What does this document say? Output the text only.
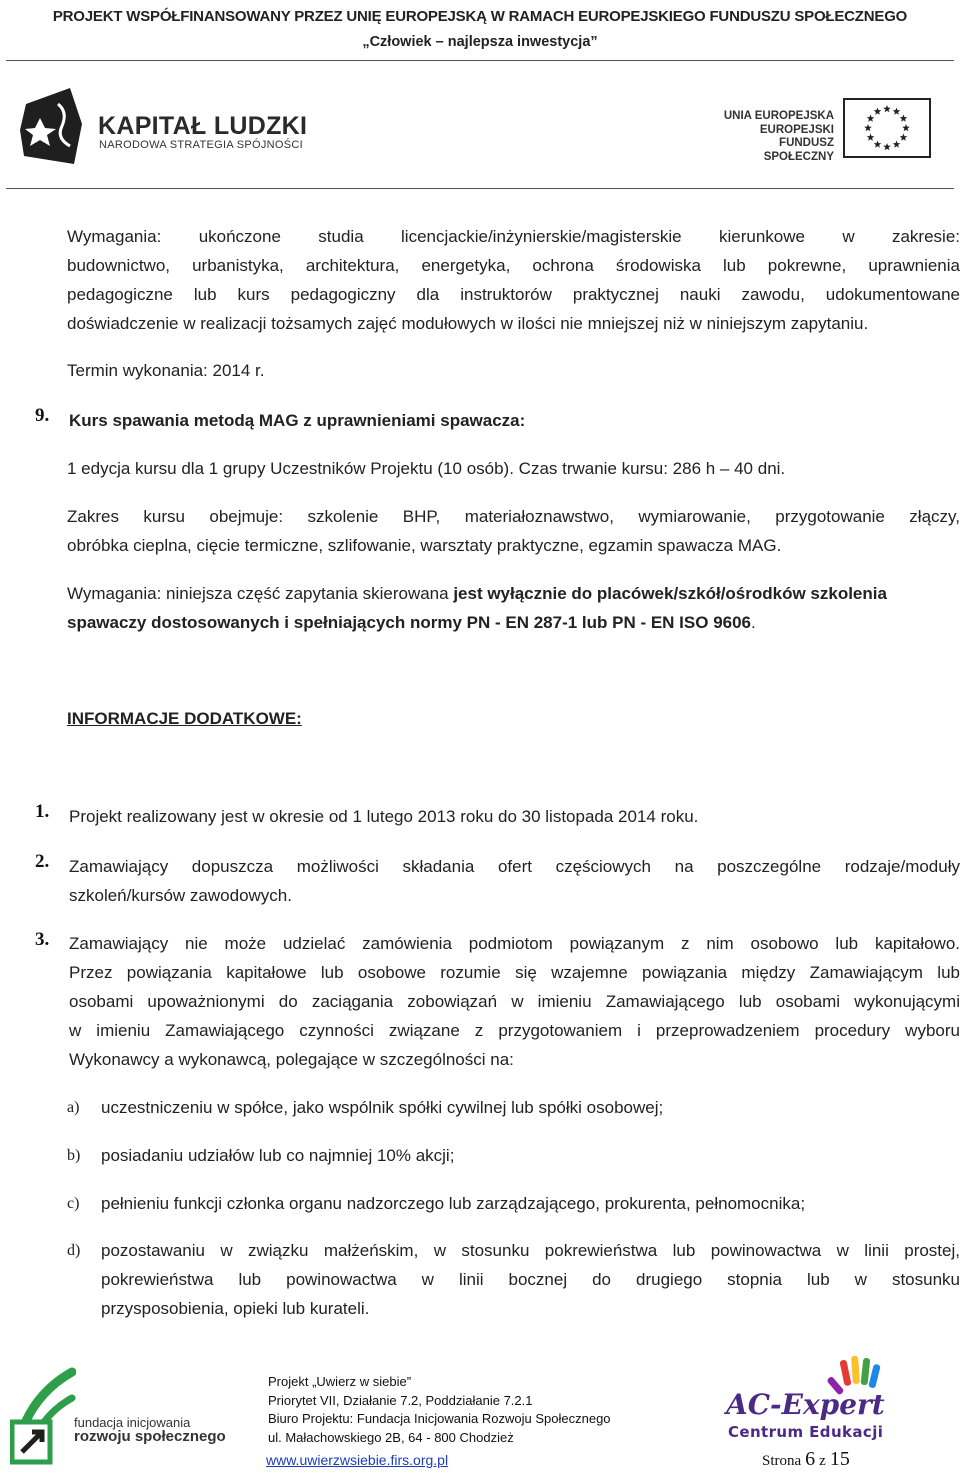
PROJEKT WSPÓŁFINANSOWANY PRZEZ UNIĘ EUROPEJSKĄ W RAMACH EUROPEJSKIEGO FUNDUSZU SPOŁECZNEGO
„Człowiek – najlepsza inwestycja”
KAPITAŁ LUDZKI
NARODOWA STRATEGIA SPÓJNOŚCI
UNIA EUROPEJSKA
EUROPEJSKI
FUNDUSZ SPOŁECZNY
Wymagania: ukończone studia licencjackie/inżynierskie/magisterskie kierunkowe w zakresie:
budownictwo, urbanistyka, architektura, energetyka, ochrona środowiska lub pokrewne, uprawnienia
pedagogiczne lub kurs pedagogiczny dla instruktorów praktycznej nauki zawodu, udokumentowane
doświadczenie w realizacji tożsamych zajęć modułowych w ilości nie mniejszej niż w niniejszym zapytaniu.
Termin wykonania: 2014 r.
9. Kurs spawania metodą MAG z uprawnieniami spawacza:
1 edycja kursu dla 1 grupy Uczestników Projektu (10 osób). Czas trwanie kursu: 286 h – 40 dni.
Zakres kursu obejmuje: szkolenie BHP, materiałoznawstwo, wymiarowanie, przygotowanie złączy,
obróbka cieplna, cięcie termiczne, szlifowanie, warsztaty praktyczne, egzamin spawacza MAG.
Wymagania: niniejsza część zapytania skierowana jest wyłącznie do placówek/szkół/ośrodków szkolenia
spawaczy dostosowanych i spełniających normy PN - EN 287-1 lub PN - EN ISO 9606.
INFORMACJE DODATKOWE:
1. Projekt realizowany jest w okresie od 1 lutego 2013 roku do 30 listopada 2014 roku.
2. Zamawiający dopuszcza możliwości składania ofert częściowych na poszczególne rodzaje/moduły
szkoleń/kursów zawodowych.
3. Zamawiający nie może udzielać zamówienia podmiotom powiązanym z nim osobowo lub kapitałowo.
Przez powiązania kapitałowe lub osobowe rozumie się wzajemne powiązania między Zamawiającym lub
osobami upoważnionymi do zaciągania zobowiązań w imieniu Zamawiającego lub osobami wykonującymi
w imieniu Zamawiającego czynności związane z przygotowaniem i przeprowadzeniem procedury wyboru
Wykonawcy a wykonawcą, polegające w szczególności na:
a) uczestniczeniu w spółce, jako wspólnik spółki cywilnej lub spółki osobowej;
b) posiadaniu udziałów lub co najmniej 10% akcji;
c) pełnieniu funkcji członka organu nadzorczego lub zarządzającego, prokurenta, pełnomocnika;
d) pozostawaniu w związku małżeńskim, w stosunku pokrewieństwa lub powinowactwa w linii prostej,
pokrewieństwa lub powinowactwa w linii bocznej do drugiego stopnia lub w stosunku
przysposobienia, opieki lub kurateli.
fundacja inicjowania
rozwoju społecznego
Projekt „Uwierz w siebie”
Priorytet VII, Działanie 7.2, Poddziałanie 7.2.1
Biuro Projektu: Fundacja Inicjowania Rozwoju Społecznego
ul. Małachowskiego 2B, 64 - 800 Chodzież
www.uwierzwsiebie.firs.org.pl
AC-Expert
Centrum Edukacji
Strona 6 z 15
